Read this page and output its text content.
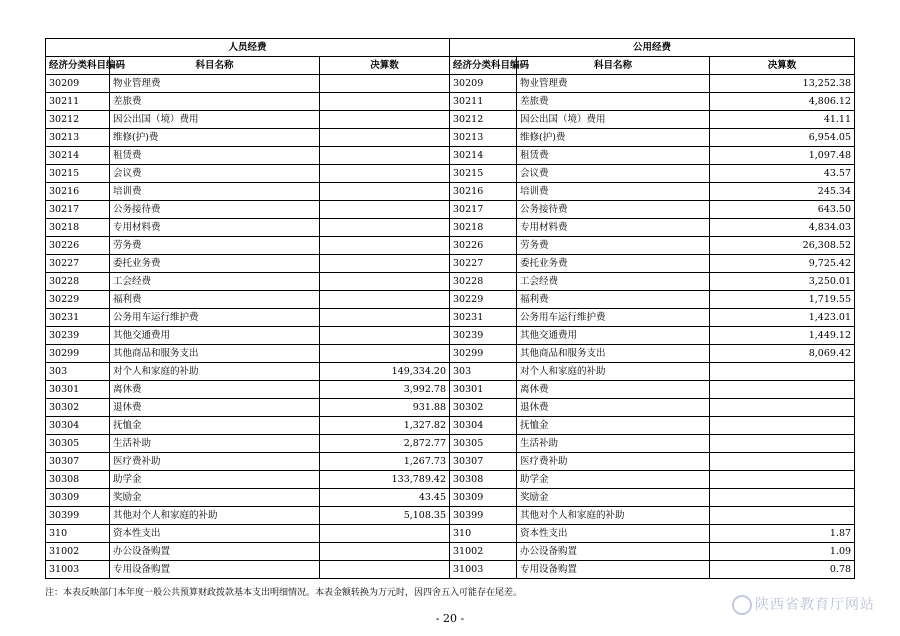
人员经费			公用经费		
经济分类科目编码	科目名称	决算数	经济分类科目编码	科目名称	决算数
30209	物业管理费		30209	物业管理费	13,252.38
30211	差旅费		30211	差旅费	4,806.12
30212	因公出国（境）费用		30212	因公出国（境）费用	41.11
30213	维修(护)费		30213	维修(护)费	6,954.05
30214	租赁费		30214	租赁费	1,097.48
30215	会议费		30215	会议费	43.57
30216	培训费		30216	培训费	245.34
30217	公务接待费		30217	公务接待费	643.50
30218	专用材料费		30218	专用材料费	4,834.03
30226	劳务费		30226	劳务费	26,308.52
30227	委托业务费		30227	委托业务费	9,725.42
30228	工会经费		30228	工会经费	3,250.01
30229	福利费		30229	福利费	1,719.55
30231	公务用车运行维护费		30231	公务用车运行维护费	1,423.01
30239	其他交通费用		30239	其他交通费用	1,449.12
30299	其他商品和服务支出		30299	其他商品和服务支出	8,069.42
303	对个人和家庭的补助	149,334.20	303	对个人和家庭的补助	
30301	离休费	3,992.78	30301	离休费	
30302	退休费	931.88	30302	退休费	
30304	抚恤金	1,327.82	30304	抚恤金	
30305	生活补助	2,872.77	30305	生活补助	
30307	医疗费补助	1,267.73	30307	医疗费补助	
30308	助学金	133,789.42	30308	助学金	
30309	奖励金	43.45	30309	奖励金	
30399	其他对个人和家庭的补助	5,108.35	30399	其他对个人和家庭的补助	
310	资本性支出		310	资本性支出	1.87
31002	办公设备购置		31002	办公设备购置	1.09
31003	专用设备购置		31003	专用设备购置	0.78
注：本表反映部门本年度一般公共预算财政拨款基本支出明细情况。本表金额转换为万元时，因四舍五入可能存在尾差。
陕西省教育厅网站
- 20 -
